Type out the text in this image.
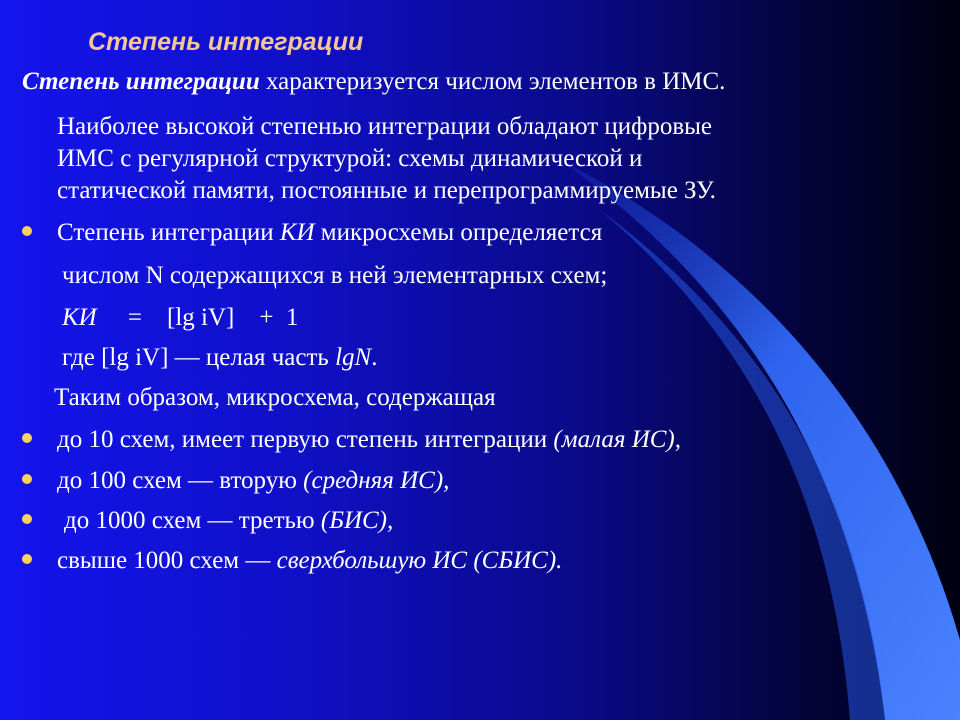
Степень интеграции
Степень интеграции характеризуется числом элементов в ИМС.
Наиболее высокой степенью интеграции обладают цифровые
ИМС с регулярной структурой: схемы динамической и
статической памяти, постоянные и перепрограммируемые ЗУ.
Степень интеграции КИ микросхемы определяется
числом N содержащихся в ней элементарных схем;
КИ =    [lg iV]    +  1
где [lg iV] — целая часть lgN.
Таким образом, микросхема, содержащая
до 10 схем, имеет первую степень интеграции (малая ИС),
до 100 схем — вторую (средняя ИС),
до 1000 схем — третью (БИС),
свыше 1000 схем — сверхбольшую ИС (СБИС).
